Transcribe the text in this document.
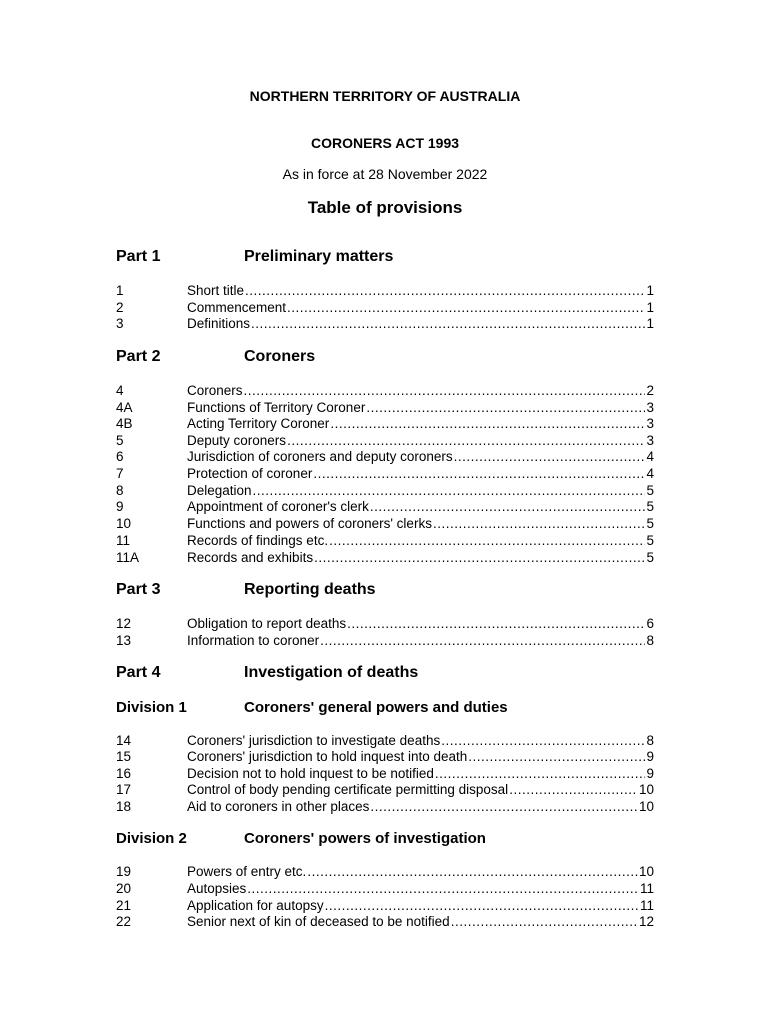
NORTHERN TERRITORY OF AUSTRALIA
CORONERS ACT 1993
As in force at 28 November 2022
Table of provisions
Part 1	Preliminary matters
1	Short title .....	1
2	Commencement .....	1
3	Definitions .....	1
Part 2	Coroners
4	Coroners .....	2
4A	Functions of Territory Coroner .....	3
4B	Acting Territory Coroner .....	3
5	Deputy coroners .....	3
6	Jurisdiction of coroners and deputy coroners .....	4
7	Protection of coroner .....	4
8	Delegation .....	5
9	Appointment of coroner's clerk .....	5
10	Functions and powers of coroners' clerks .....	5
11	Records of findings etc. .....	5
11A	Records and exhibits .....	5
Part 3	Reporting deaths
12	Obligation to report deaths .....	6
13	Information to coroner .....	8
Part 4	Investigation of deaths
Division 1	Coroners' general powers and duties
14	Coroners' jurisdiction to investigate deaths .....	8
15	Coroners' jurisdiction to hold inquest into death .....	9
16	Decision not to hold inquest to be notified .....	9
17	Control of body pending certificate permitting disposal .....	10
18	Aid to coroners in other places .....	10
Division 2	Coroners' powers of investigation
19	Powers of entry etc. .....	10
20	Autopsies .....	11
21	Application for autopsy .....	11
22	Senior next of kin of deceased to be notified .....	12
